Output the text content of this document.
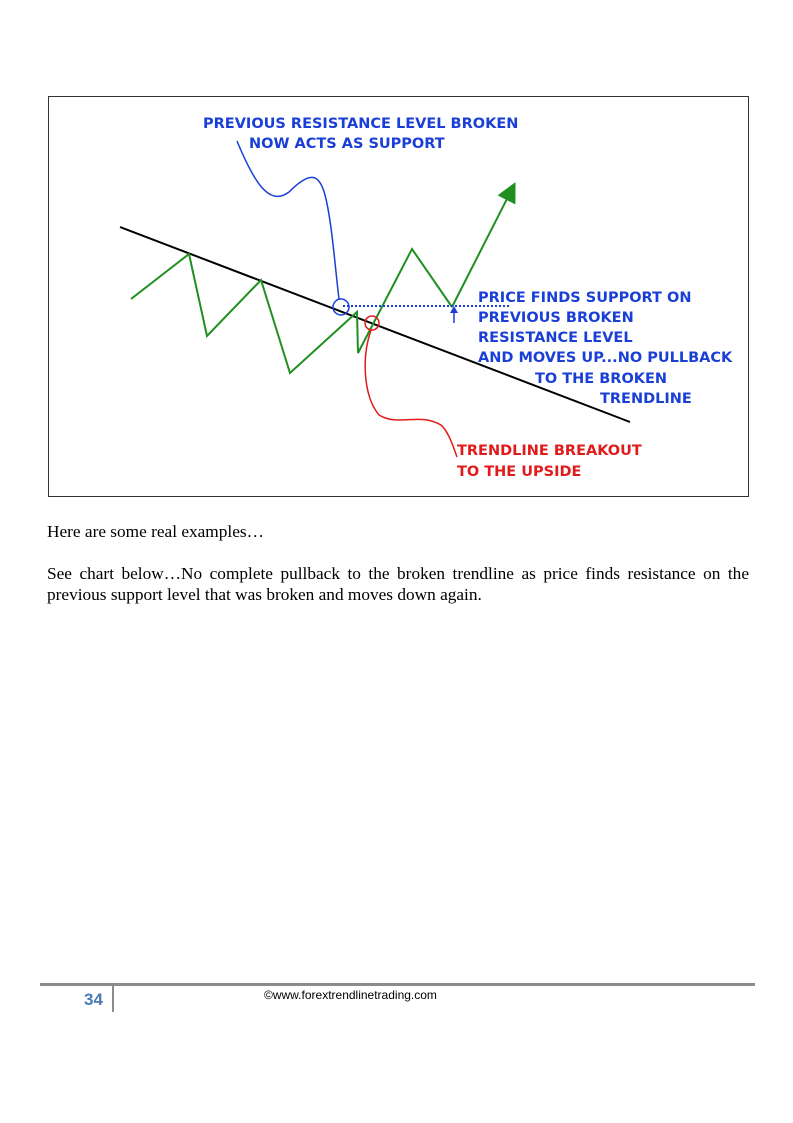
PREVIOUS RESISTANCE LEVEL BROKEN
NOW ACTS AS SUPPORT
PRICE FINDS SUPPORT ON
PREVIOUS BROKEN
RESISTANCE LEVEL
AND MOVES UP...NO PULLBACK
TO THE BROKEN
TRENDLINE
TRENDLINE BREAKOUT
TO THE UPSIDE

Here are some real examples…

See chart below…No complete pullback to the broken trendline as price finds resistance on the previous support level that was broken and moves down again.

34	©www.forextrendlinetrading.com
